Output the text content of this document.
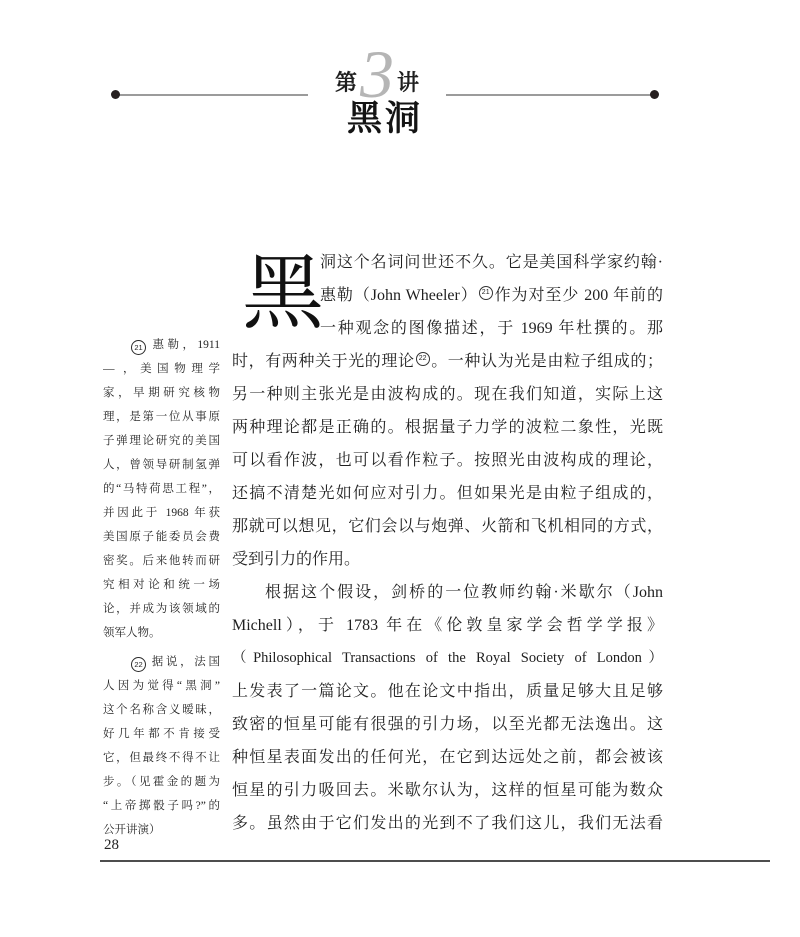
第 3 讲
黑洞
21 惠勒，1911
— ，美国物理学
家，早期研究核物
理，是第一位从事原
子弹理论研究的美国
人，曾领导研制氢弹
的“马特荷思工程”，
并因此于 1968 年获
美国原子能委员会费
密奖。后来他转而研
究相对论和统一场
论，并成为该领域的
领军人物。
22 据说，法国
人因为觉得“黑洞”
这个名称含义暧昧，
好几年都不肯接受
它，但最终不得不让
步。（见霍金的题为
“上帝掷骰子吗?”的
公开讲演）
黑
洞这个名词问世还不久。它是美国科学家约翰·
惠勒（John Wheeler） 21 作为对至少 200 年前的
一种观念的图像描述，于 1969 年杜撰的。那
时，有两种关于光的理论 22 。一种认为光是由粒子组成的；
另一种则主张光是由波构成的。现在我们知道，实际上这
两种理论都是正确的。根据量子力学的波粒二象性，光既
可以看作波，也可以看作粒子。按照光由波构成的理论，
还搞不清楚光如何应对引力。但如果光是由粒子组成的，
那就可以想见，它们会以与炮弹、火箭和飞机相同的方式，
受到引力的作用。
根据这个假设，剑桥的一位教师约翰·米歇尔（John
Michell），于 1783 年在《伦敦皇家学会哲学学报》
（Philosophical Transactions of the Royal Society of London）
上发表了一篇论文。他在论文中指出，质量足够大且足够
致密的恒星可能有很强的引力场，以至光都无法逸出。这
种恒星表面发出的任何光，在它到达远处之前，都会被该
恒星的引力吸回去。米歇尔认为，这样的恒星可能为数众
多。虽然由于它们发出的光到不了我们这儿，我们无法看
28
